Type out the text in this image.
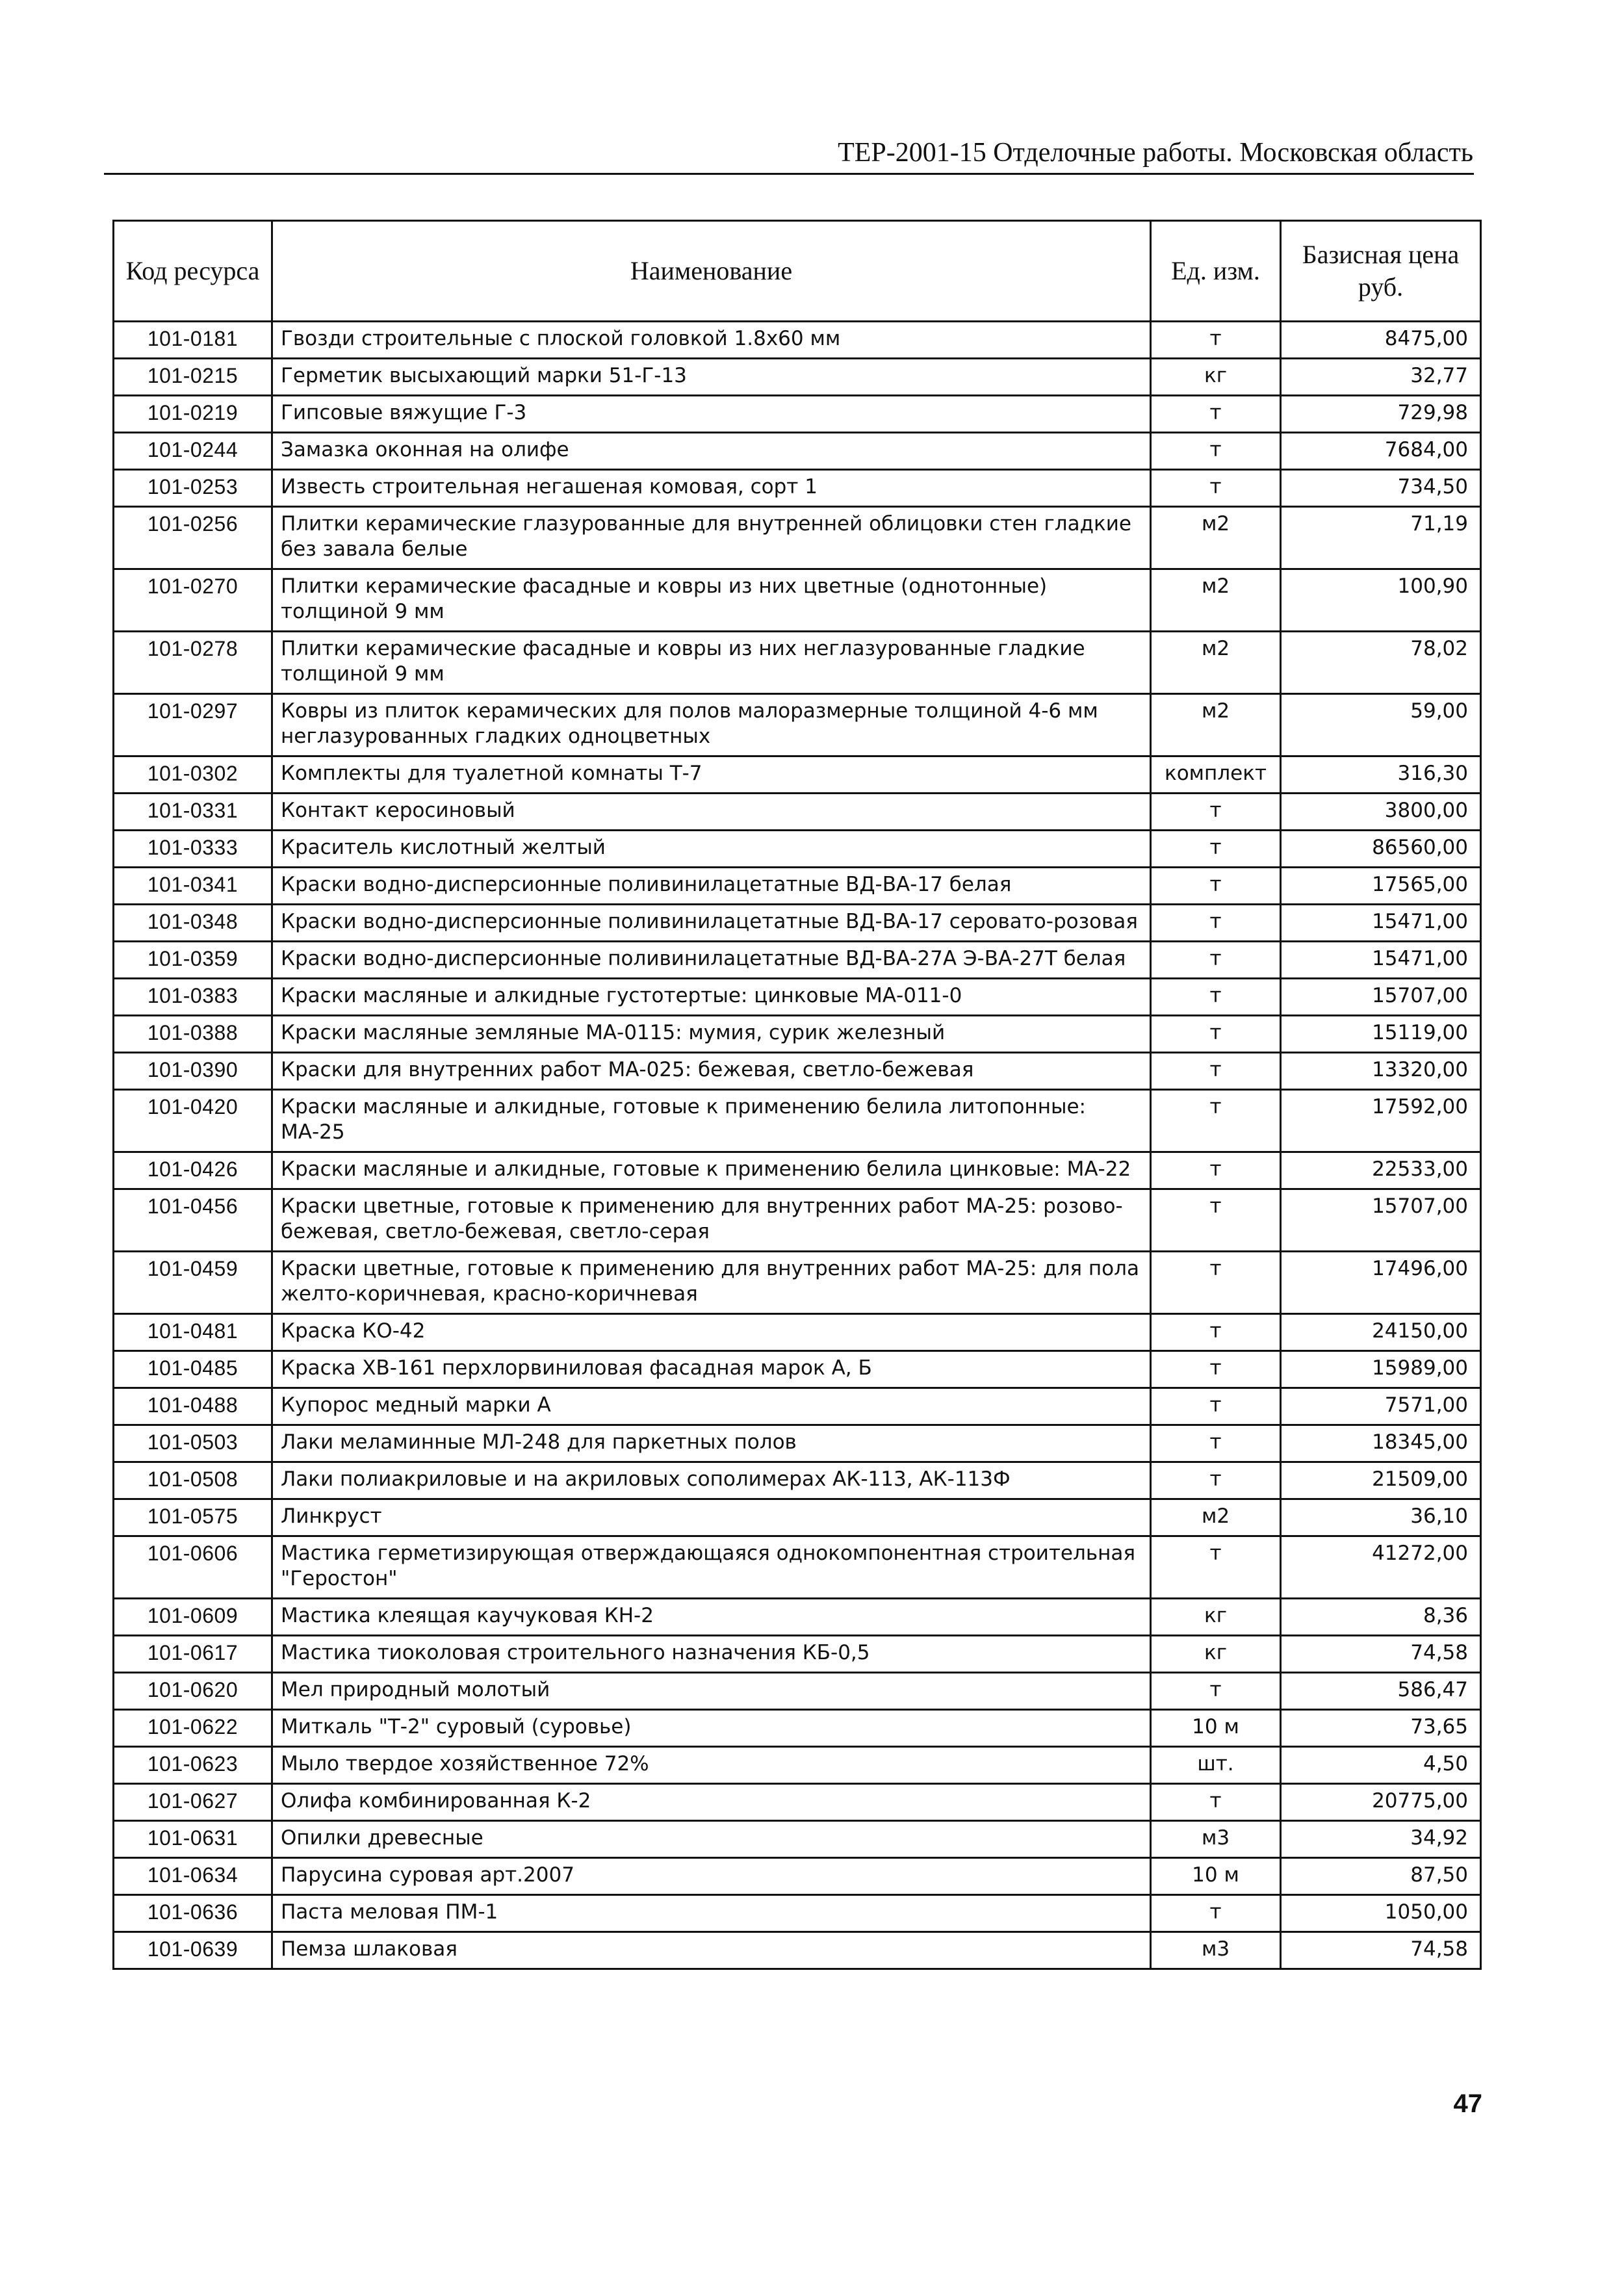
ТЕР-2001-15 Отделочные работы. Московская область
Код ресурса	Наименование	Ед. изм.	Базисная цена
руб.

101-0181	Гвозди строительные с плоской головкой 1.8х60 мм	т	8475,00
101-0215	Герметик высыхающий марки 51-Г-13	кг	32,77
101-0219	Гипсовые вяжущие Г-3	т	729,98
101-0244	Замазка оконная на олифе	т	7684,00
101-0253	Известь строительная негашеная комовая, сорт 1	т	734,50
101-0256	Плитки керамические глазурованные для внутренней облицовки стен гладкие без завала белые	м2	71,19
101-0270	Плитки керамические фасадные и ковры из них цветные (однотонные) толщиной 9 мм	м2	100,90
101-0278	Плитки керамические фасадные и ковры из них неглазурованные гладкие толщиной 9 мм	м2	78,02
101-0297	Ковры из плиток керамических для полов малоразмерные толщиной 4-6 мм неглазурованных гладких одноцветных	м2	59,00
101-0302	Комплекты для туалетной комнаты Т-7	комплект	316,30
101-0331	Контакт керосиновый	т	3800,00
101-0333	Краситель кислотный желтый	т	86560,00
101-0341	Краски водно-дисперсионные поливинилацетатные ВД-ВА-17 белая	т	17565,00
101-0348	Краски водно-дисперсионные поливинилацетатные ВД-ВА-17 серовато-розовая	т	15471,00
101-0359	Краски водно-дисперсионные поливинилацетатные ВД-ВА-27А Э-ВА-27Т белая	т	15471,00
101-0383	Краски масляные и алкидные густотертые: цинковые МА-011-0	т	15707,00
101-0388	Краски масляные земляные МА-0115: мумия, сурик железный	т	15119,00
101-0390	Краски для внутренних работ МА-025: бежевая, светло-бежевая	т	13320,00
101-0420	Краски масляные и алкидные, готовые к применению белила литопонные: МА-25	т	17592,00
101-0426	Краски масляные и алкидные, готовые к применению белила цинковые: МА-22	т	22533,00
101-0456	Краски цветные, готовые к применению для внутренних работ МА-25: розово-бежевая, светло-бежевая, светло-серая	т	15707,00
101-0459	Краски цветные, готовые к применению для внутренних работ МА-25: для пола желто-коричневая, красно-коричневая	т	17496,00
101-0481	Краска КО-42	т	24150,00
101-0485	Краска ХВ-161 перхлорвиниловая фасадная марок А, Б	т	15989,00
101-0488	Купорос медный марки А	т	7571,00
101-0503	Лаки меламинные МЛ-248 для паркетных полов	т	18345,00
101-0508	Лаки полиакриловые и на акриловых сополимерах АК-113, АК-113Ф	т	21509,00
101-0575	Линкруст	м2	36,10
101-0606	Мастика герметизирующая отверждающаяся однокомпонентная строительная "Геростон"	т	41272,00
101-0609	Мастика клеящая каучуковая КН-2	кг	8,36
101-0617	Мастика тиоколовая строительного назначения КБ-0,5	кг	74,58
101-0620	Мел природный молотый	т	586,47
101-0622	Миткаль "Т-2" суровый (суровье)	10 м	73,65
101-0623	Мыло твердое хозяйственное 72%	шт.	4,50
101-0627	Олифа комбинированная К-2	т	20775,00
101-0631	Опилки древесные	м3	34,92
101-0634	Парусина суровая арт.2007	10 м	87,50
101-0636	Паста меловая ПМ-1	т	1050,00
101-0639	Пемза шлаковая	м3	74,58
47
